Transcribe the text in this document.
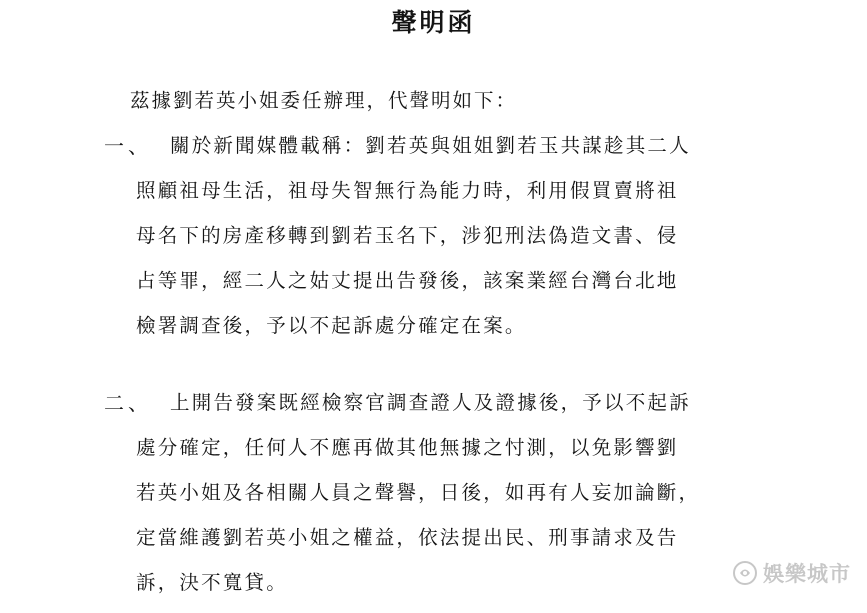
聲明函
茲據劉若英小姐委任辦理，代聲明如下：
一、 關於新聞媒體載稱：劉若英與姐姐劉若玉共謀趁其二人
照顧祖母生活，祖母失智無行為能力時，利用假買賣將祖
母名下的房產移轉到劉若玉名下，涉犯刑法偽造文書、侵
占等罪，經二人之姑丈提出告發後，該案業經台灣台北地
檢署調查後，予以不起訴處分確定在案。
二、 上開告發案既經檢察官調查證人及證據後，予以不起訴
處分確定，任何人不應再做其他無據之忖測，以免影響劉
若英小姐及各相關人員之聲譽，日後，如再有人妄加論斷，
定當維護劉若英小姐之權益，依法提出民、刑事請求及告
訴，決不寬貸。	娛樂城市
